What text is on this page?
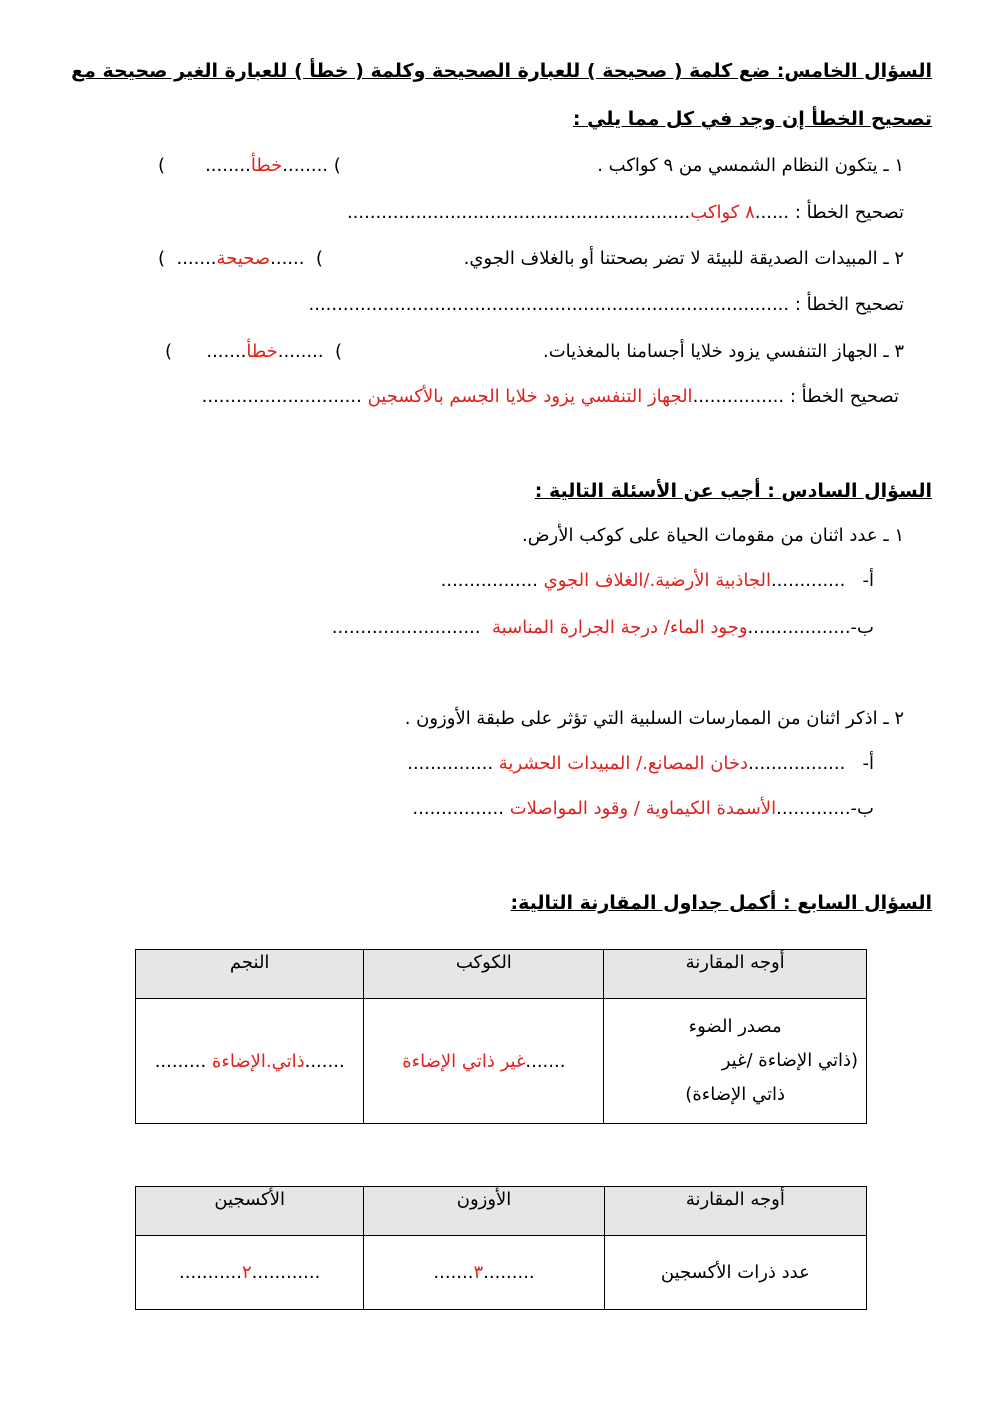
السؤال الخامس: ضع كلمة ( صحيحة ) للعبارة الصحيحة وكلمة ( خطأ ) للعبارة الغير صحيحة مع
تصحيح الخطأ إن وجد في كل مما يلي :
١ ـ يتكون النظام الشمسي من ٩ كواكب .
) ........خطأ........       )
تصحيح الخطأ : ......٨ كواكب............................................................
٢ ـ المبيدات الصديقة للبيئة لا تضر بصحتنا أو بالغلاف الجوي.
)  ......صحيحة.......  )
تصحيح الخطأ : ....................................................................................
٣ ـ الجهاز التنفسي يزود خلايا أجسامنا بالمغذيات.
)  ........خطأ.......      )
تصحيح الخطأ : ................الجهاز التنفسي يزود خلايا الجسم بالأكسجين ............................
السؤال السادس : أجب عن الأسئلة التالية :
١ ـ عدد اثنان من مقومات الحياة على كوكب الأرض.
أ-   .............الجاذبية الأرضية./الغلاف الجوي .................
ب-..................وجود الماء/ درجة الجرارة المناسبة  ..........................
٢ ـ اذكر اثنان من الممارسات السلبية التي تؤثر على طبقة الأوزون .
أ-   .................دخان المصانع./ المبيدات الحشرية ...............
ب-.............الأسمدة الكيماوية / وقود المواصلات ................
السؤال السابع : أكمل جداول المقارنة التالية:
أوجه المقارنة	الكوكب	النجم

مصدر الضوء
(ذاتي الإضاءة /غير
ذاتي الإضاءة)	.......غير ذاتي الإضاءة	.......ذاتي.الإضاءة .........
أوجه المقارنة	الأوزون	الأكسجين
عدد ذرات الأكسجين	.........٣.......	............٢...........
